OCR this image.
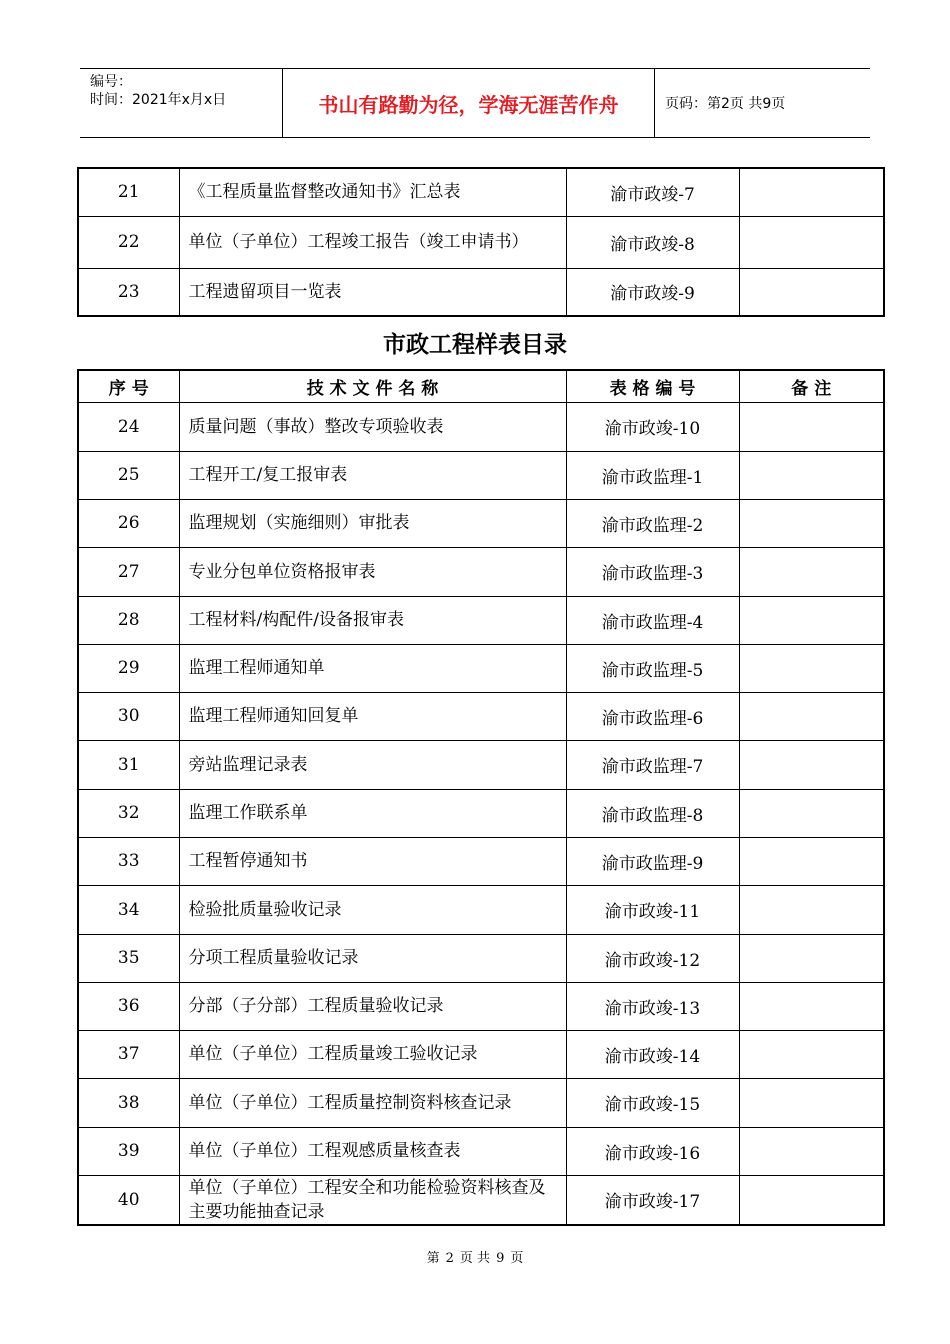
编号：
时间：2021年x月x日	书山有路勤为径，学海无涯苦作舟	页码：第2页 共9页
21	《工程质量监督整改通知书》汇总表	渝市政竣-7	
22	单位（子单位）工程竣工报告（竣工申请书）	渝市政竣-8	
23	工程遗留项目一览表	渝市政竣-9	
市政工程样表目录
序 号	技 术 文 件 名 称	表 格 编 号	备 注
24	质量问题（事故）整改专项验收表	渝市政竣-10	
25	工程开工/复工报审表	渝市政监理-1	
26	监理规划（实施细则）审批表	渝市政监理-2	
27	专业分包单位资格报审表	渝市政监理-3	
28	工程材料/构配件/设备报审表	渝市政监理-4	
29	监理工程师通知单	渝市政监理-5	
30	监理工程师通知回复单	渝市政监理-6	
31	旁站监理记录表	渝市政监理-7	
32	监理工作联系单	渝市政监理-8	
33	工程暂停通知书	渝市政监理-9	
34	检验批质量验收记录	渝市政竣-11	
35	分项工程质量验收记录	渝市政竣-12	
36	分部（子分部）工程质量验收记录	渝市政竣-13	
37	单位（子单位）工程质量竣工验收记录	渝市政竣-14	
38	单位（子单位）工程质量控制资料核查记录	渝市政竣-15	
39	单位（子单位）工程观感质量核查表	渝市政竣-16	
40	单位（子单位）工程安全和功能检验资料核查及主要功能抽查记录	渝市政竣-17	
第 2 页 共 9 页
